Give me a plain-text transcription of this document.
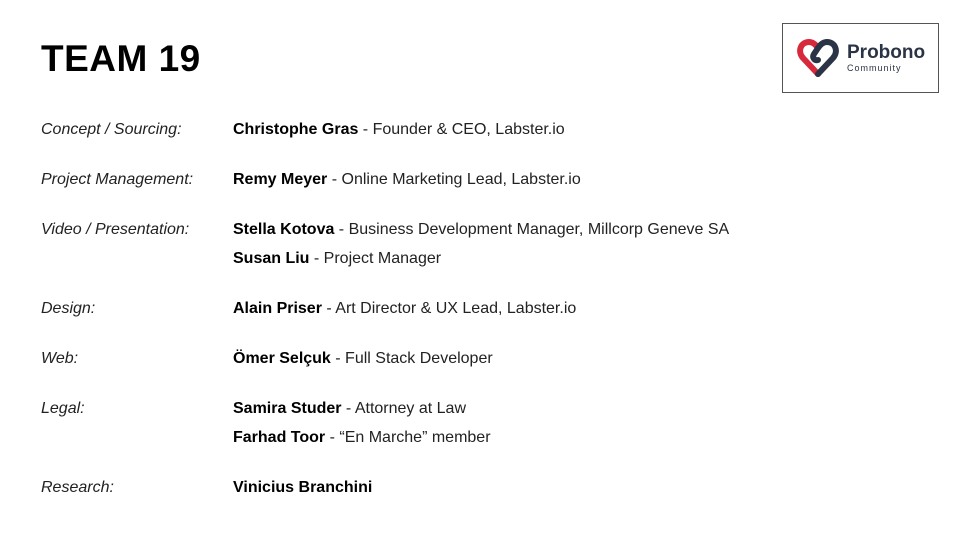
TEAM 19	Probono
Community
Concept / Sourcing:	Christophe Gras - Founder & CEO, Labster.io
Project Management: Remy Meyer - Online Marketing Lead, Labster.io
Video / Presentation:	Stella Kotova - Business Development Manager, Millcorp Geneve SA
Susan Liu - Project Manager
Design:	Alain Priser - Art Director & UX Lead, Labster.io
Web:	Ömer Selçuk - Full Stack Developer
Legal:	Samira Studer - Attorney at Law
Farhad Toor - “En Marche” member
Research:	Vinicius Branchini
